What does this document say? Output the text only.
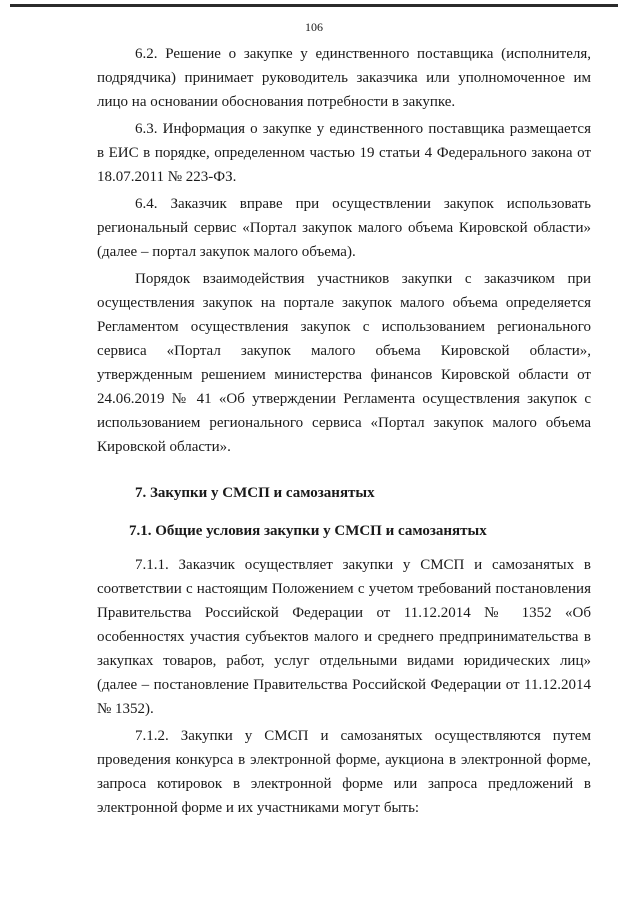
106

6.2. Решение о закупке у единственного поставщика (исполнителя, подрядчика) принимает руководитель заказчика или уполномоченное им лицо на основании обоснования потребности в закупке.

6.3. Информация о закупке у единственного поставщика размещается в ЕИС в порядке, определенном частью 19 статьи 4 Федерального закона от 18.07.2011 № 223-ФЗ.

6.4. Заказчик вправе при осуществлении закупок использовать региональный сервис «Портал закупок малого объема Кировской области» (далее – портал закупок малого объема).

Порядок взаимодействия участников закупки с заказчиком при осуществления закупок на портале закупок малого объема определяется Регламентом осуществления закупок с использованием регионального сервиса «Портал закупок малого объема Кировской области», утвержденным решением министерства финансов Кировской области от 24.06.2019 № 41 «Об утверждении Регламента осуществления закупок с использованием регионального сервиса «Портал закупок малого объема Кировской области».

7. Закупки у СМСП и самозанятых
7.1. Общие условия закупки у СМСП и самозанятых

7.1.1. Заказчик осуществляет закупки у СМСП и самозанятых в соответствии с настоящим Положением с учетом требований постановления Правительства Российской Федерации от 11.12.2014 № 1352 «Об особенностях участия субъектов малого и среднего предпринимательства в закупках товаров, работ, услуг отдельными видами юридических лиц» (далее – постановление Правительства Российской Федерации от 11.12.2014 № 1352).

7.1.2. Закупки у СМСП и самозанятых осуществляются путем проведения конкурса в электронной форме, аукциона в электронной форме, запроса котировок в электронной форме или запроса предложений в электронной форме и их участниками могут быть:
